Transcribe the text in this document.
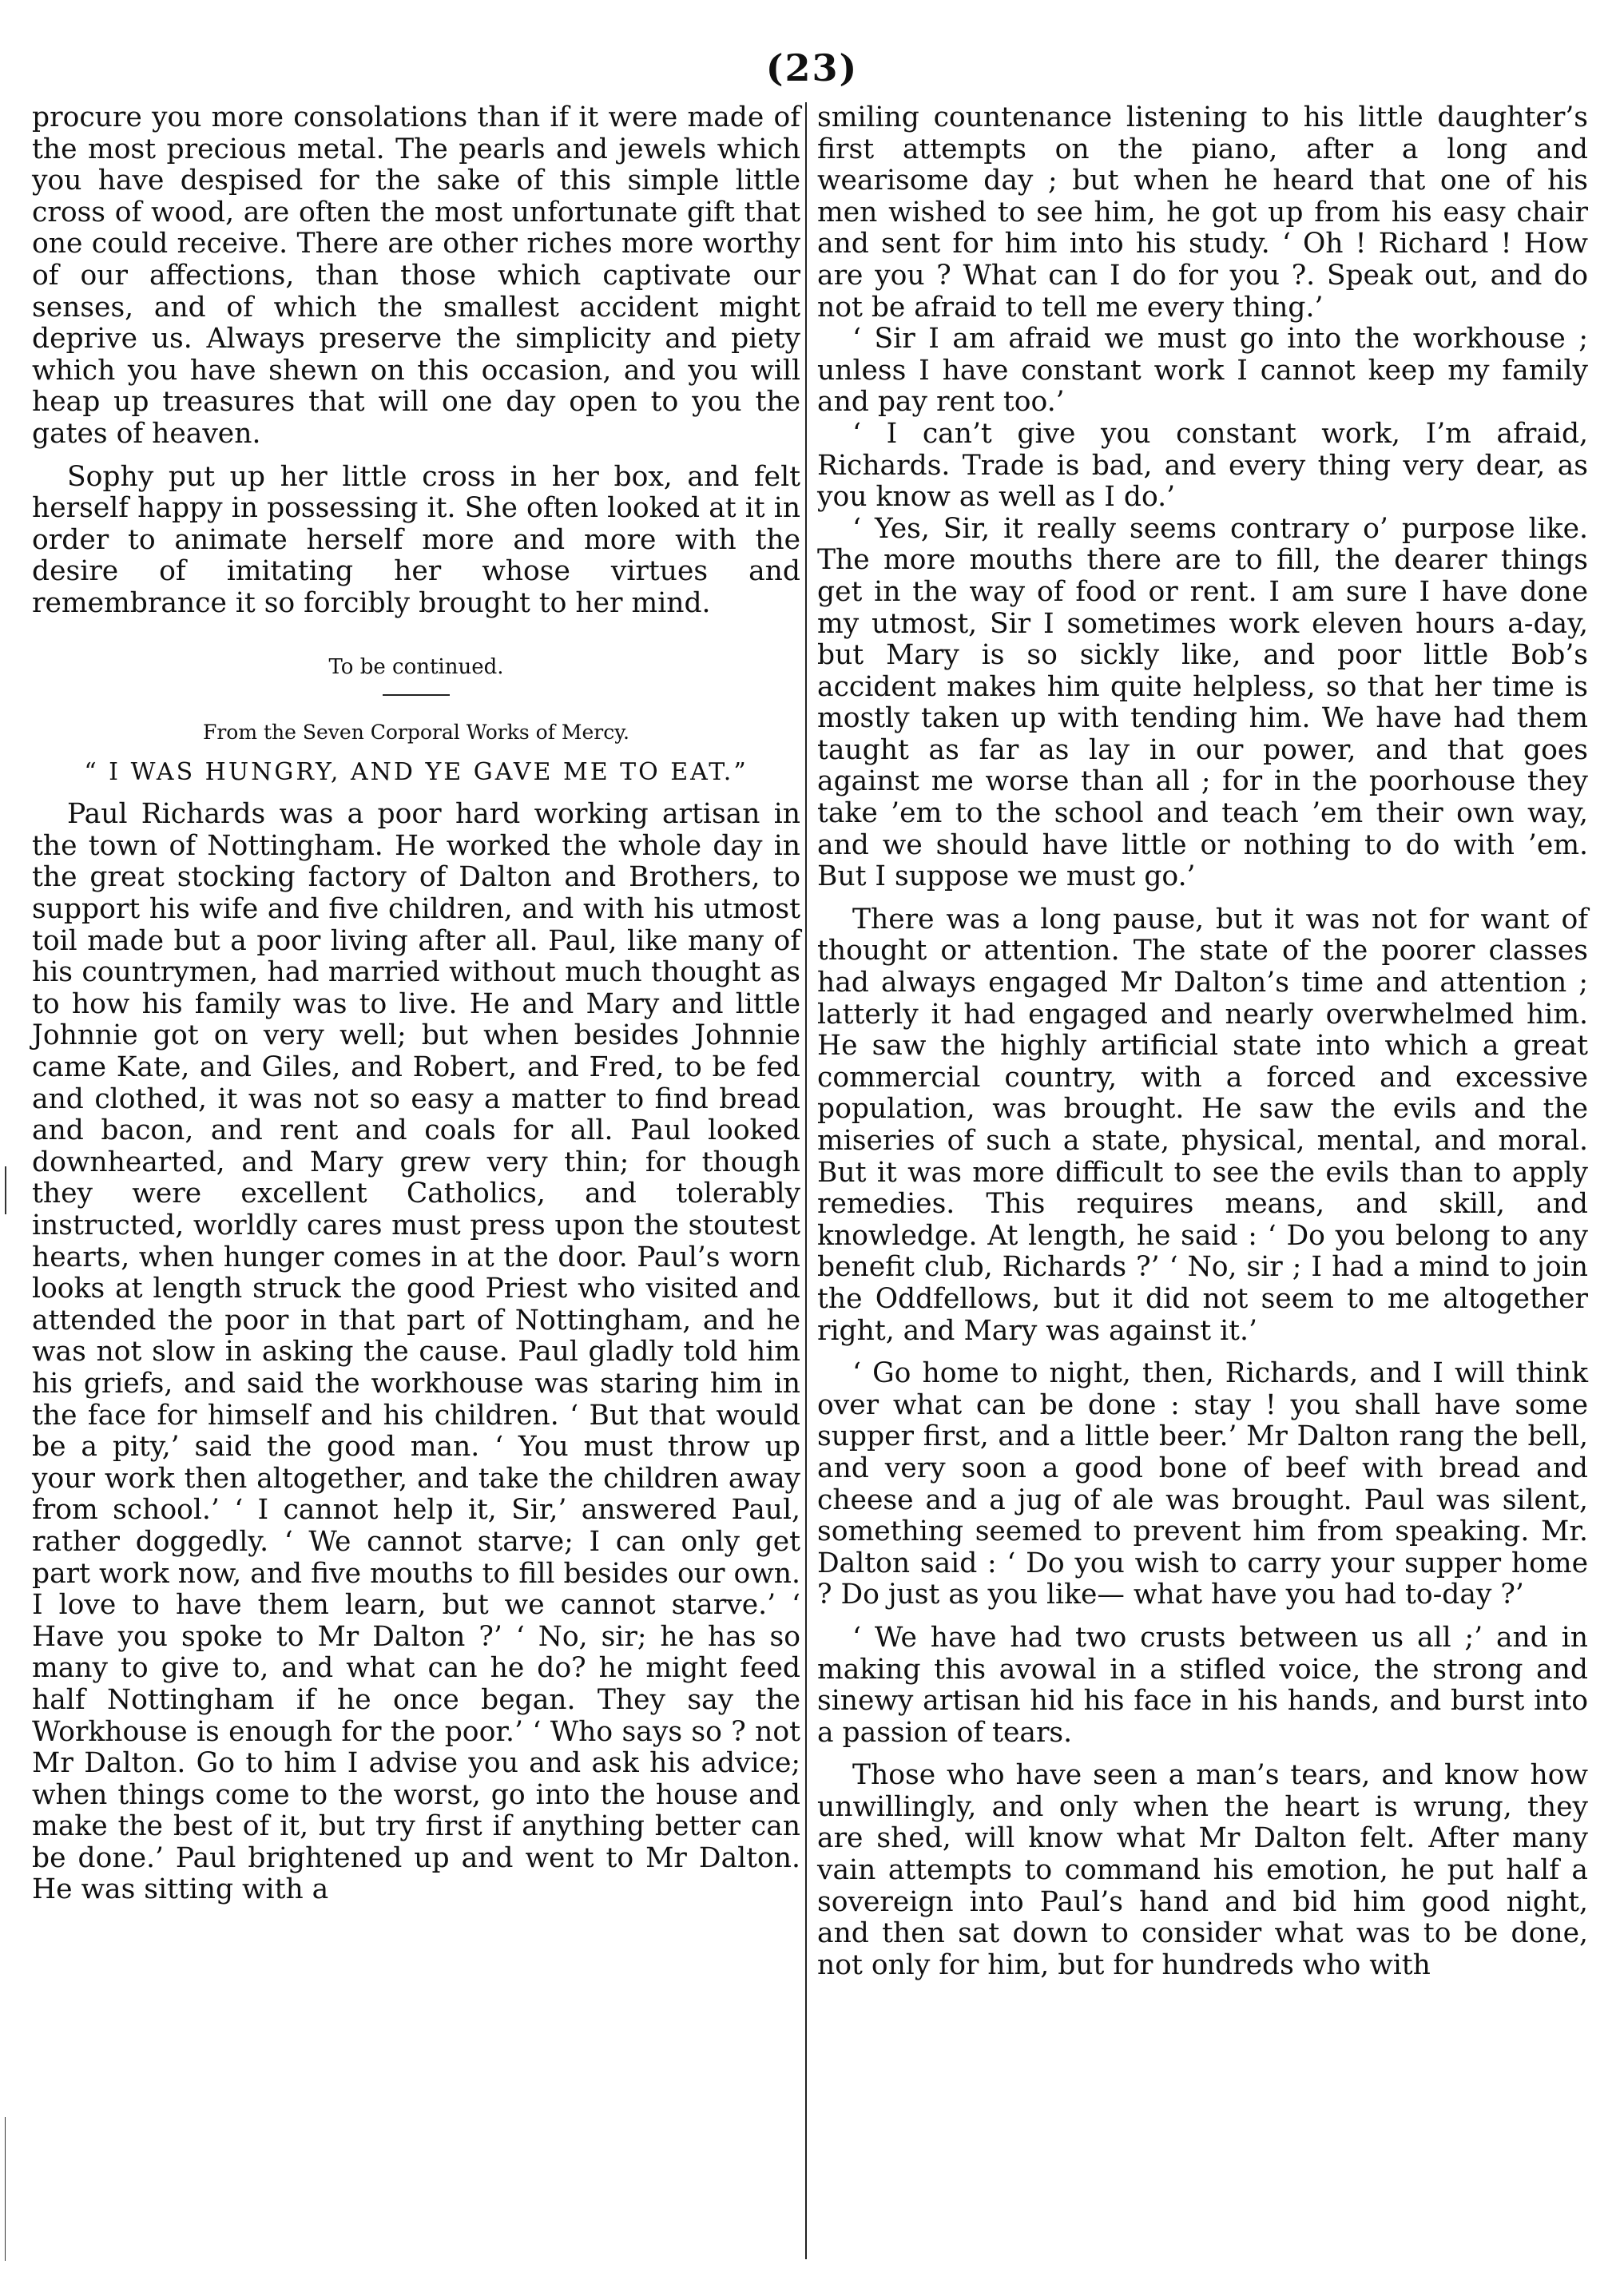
(23)

procure you more consolations than if it were made of the most precious metal. The pearls and jewels which you have despised for the sake of this simple little cross of wood, are often the most unfortunate gift that one could receive. There are other riches more worthy of our affections, than those which captivate our senses, and of which the smallest accident might deprive us. Always preserve the simplicity and piety which you have shewn on this occasion, and you will heap up treasures that will one day open to you the gates of heaven.

Sophy put up her little cross in her box, and felt herself happy in possessing it. She often looked at it in order to animate herself more and more with the desire of imitating her whose virtues and remembrance it so forcibly brought to her mind.

To be continued.

From the Seven Corporal Works of Mercy.

“ I WAS HUNGRY, AND YE GAVE ME TO EAT.”

Paul Richards was a poor hard working artisan in the town of Nottingham. He worked the whole day in the great stocking factory of Dalton and Brothers, to support his wife and five children, and with his utmost toil made but a poor living after all. Paul, like many of his countrymen, had married without much thought as to how his family was to live. He and Mary and little Johnnie got on very well; but when besides Johnnie came Kate, and Giles, and Robert, and Fred, to be fed and clothed, it was not so easy a matter to find bread and bacon, and rent and coals for all. Paul looked downhearted, and Mary grew very thin; for though they were excellent Catholics, and tolerably instructed, worldly cares must press upon the stoutest hearts, when hunger comes in at the door. Paul’s worn looks at length struck the good Priest who visited and attended the poor in that part of Nottingham, and he was not slow in asking the cause. Paul gladly told him his griefs, and said the workhouse was staring him in the face for himself and his children. ‘ But that would be a pity,’ said the good man. ‘ You must throw up your work then altogether, and take the children away from school.’ ‘ I cannot help it, Sir,’ answered Paul, rather doggedly. ‘ We cannot starve; I can only get part work now, and five mouths to fill besides our own. I love to have them learn, but we cannot starve.’ ‘ Have you spoke to Mr Dalton ?’ ‘ No, sir; he has so many to give to, and what can he do? he might feed half Nottingham if he once began. They say the Workhouse is enough for the poor.’ ‘ Who says so ? not Mr Dalton. Go to him I advise you and ask his advice; when things come to the worst, go into the house and make the best of it, but try first if anything better can be done.’ Paul brightened up and went to Mr Dalton. He was sitting with a

smiling countenance listening to his little daughter’s first attempts on the piano, after a long and wearisome day ; but when he heard that one of his men wished to see him, he got up from his easy chair and sent for him into his study. ‘ Oh ! Richard ! How are you ? What can I do for you ?. Speak out, and do not be afraid to tell me every thing.’

‘ Sir I am afraid we must go into the workhouse ; unless I have constant work I cannot keep my family and pay rent too.’

‘ I can’t give you constant work, I’m afraid, Richards. Trade is bad, and every thing very dear, as you know as well as I do.’

‘ Yes, Sir, it really seems contrary o’ purpose like. The more mouths there are to fill, the dearer things get in the way of food or rent. I am sure I have done my utmost, Sir I sometimes work eleven hours a-day, but Mary is so sickly like, and poor little Bob’s accident makes him quite helpless, so that her time is mostly taken up with tending him. We have had them taught as far as lay in our power, and that goes against me worse than all ; for in the poorhouse they take ’em to the school and teach ’em their own way, and we should have little or nothing to do with ’em. But I suppose we must go.’

There was a long pause, but it was not for want of thought or attention. The state of the poorer classes had always engaged Mr Dalton’s time and attention ; latterly it had engaged and nearly overwhelmed him. He saw the highly artificial state into which a great commercial country, with a forced and excessive population, was brought. He saw the evils and the miseries of such a state, physical, mental, and moral. But it was more difficult to see the evils than to apply remedies. This requires means, and skill, and knowledge. At length, he said : ‘ Do you belong to any benefit club, Richards ?’ ‘ No, sir ; I had a mind to join the Oddfellows, but it did not seem to me altogether right, and Mary was against it.’

‘ Go home to night, then, Richards, and I will think over what can be done : stay ! you shall have some supper first, and a little beer.’ Mr Dalton rang the bell, and very soon a good bone of beef with bread and cheese and a jug of ale was brought. Paul was silent, something seemed to prevent him from speaking. Mr. Dalton said : ‘ Do you wish to carry your supper home ? Do just as you like— what have you had to-day ?’

‘ We have had two crusts between us all ;’ and in making this avowal in a stifled voice, the strong and sinewy artisan hid his face in his hands, and burst into a passion of tears.

Those who have seen a man’s tears, and know how unwillingly, and only when the heart is wrung, they are shed, will know what Mr Dalton felt. After many vain attempts to command his emotion, he put half a sovereign into Paul’s hand and bid him good night, and then sat down to consider what was to be done, not only for him, but for hundreds who with
